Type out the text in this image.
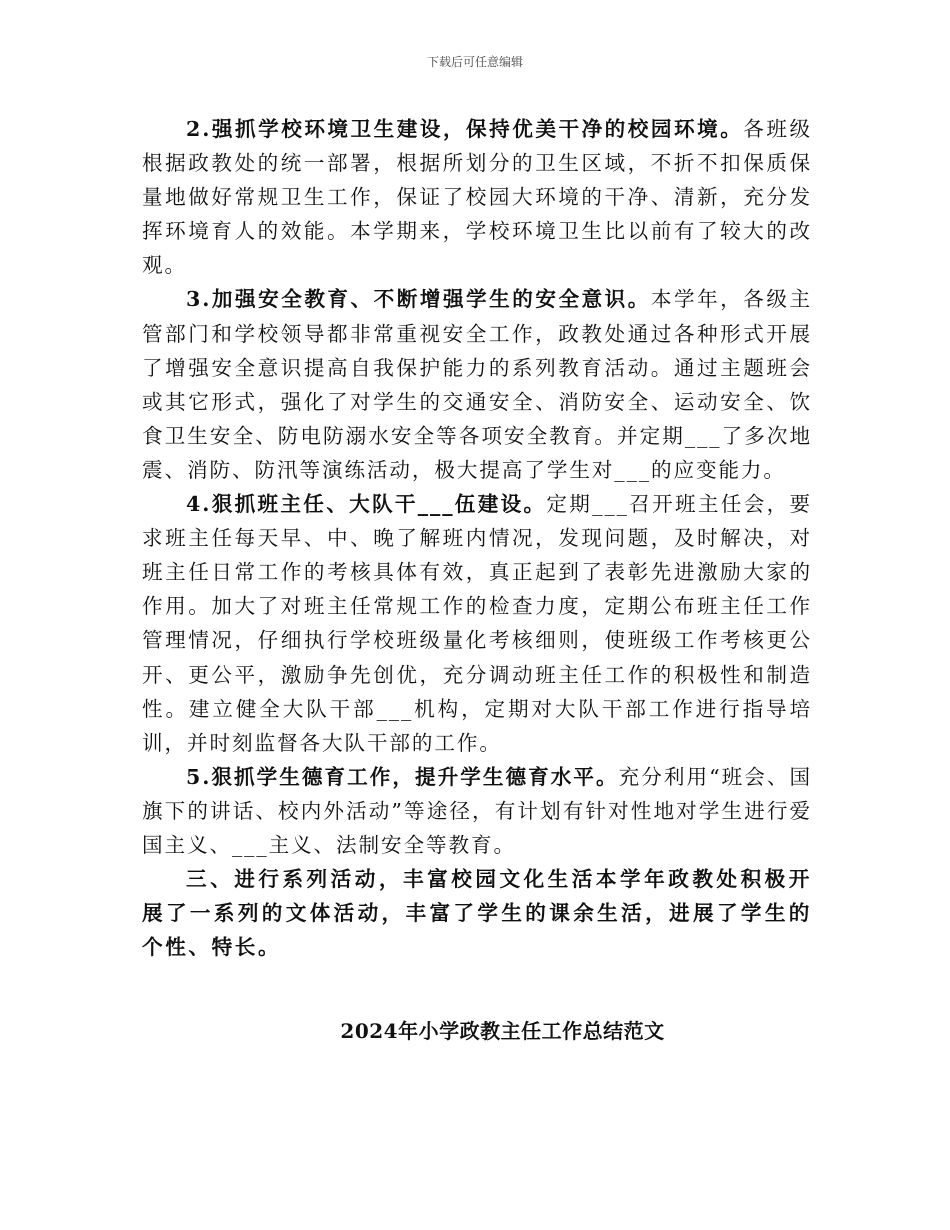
下载后可任意编辑

2.强抓学校环境卫生建设，保持优美干净的校园环境。各班级根据政教处的统一部署，根据所划分的卫生区域，不折不扣保质保量地做好常规卫生工作，保证了校园大环境的干净、清新，充分发挥环境育人的效能。本学期来，学校环境卫生比以前有了较大的改观。

3.加强安全教育、不断增强学生的安全意识。本学年，各级主管部门和学校领导都非常重视安全工作，政教处通过各种形式开展了增强安全意识提高自我保护能力的系列教育活动。通过主题班会或其它形式，强化了对学生的交通安全、消防安全、运动安全、饮食卫生安全、防电防溺水安全等各项安全教育。并定期___了多次地震、消防、防汛等演练活动，极大提高了学生对___的应变能力。

4.狠抓班主任、大队干___伍建设。定期___召开班主任会，要求班主任每天早、中、晚了解班内情况，发现问题，及时解决，对班主任日常工作的考核具体有效，真正起到了表彰先进激励大家的作用。加大了对班主任常规工作的检查力度，定期公布班主任工作管理情况，仔细执行学校班级量化考核细则，使班级工作考核更公开、更公平，激励争先创优，充分调动班主任工作的积极性和制造性。建立健全大队干部___机构，定期对大队干部工作进行指导培训，并时刻监督各大队干部的工作。

5.狠抓学生德育工作，提升学生德育水平。充分利用“班会、国旗下的讲话、校内外活动”等途径，有计划有针对性地对学生进行爱国主义、___主义、法制安全等教育。

三、进行系列活动，丰富校园文化生活本学年政教处积极开展了一系列的文体活动，丰富了学生的课余生活，进展了学生的个性、特长。

2024年小学政教主任工作总结范文
